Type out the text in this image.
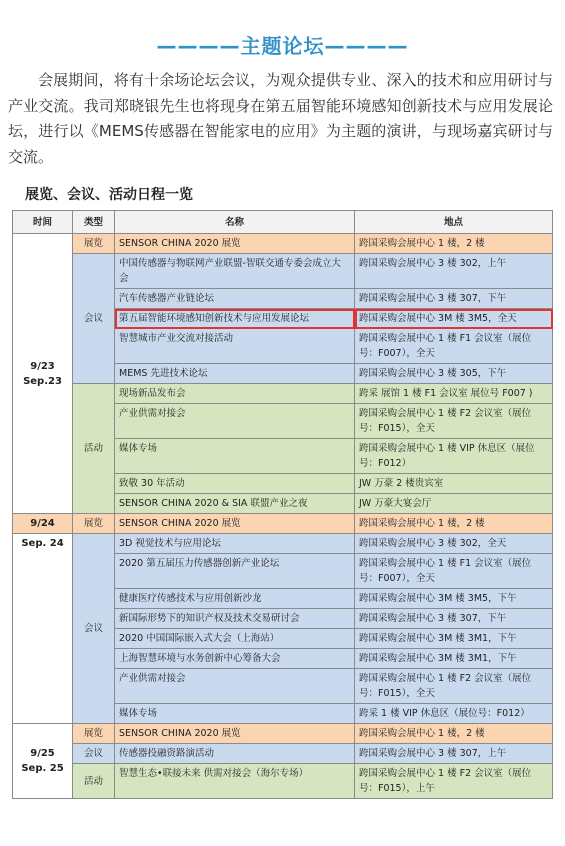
————主题论坛————
会展期间，将有十余场论坛会议，为观众提供专业、深入的技术和应用研讨与产业交流。我司郑晓银先生也将现身在第五届智能环境感知创新技术与应用发展论坛，进行以《MEMS传感器在智能家电的应用》为主题的演讲，与现场嘉宾研讨与交流。
展览、会议、活动日程一览
时间	类型	名称	地点
9/23
Sep.23	展览	SENSOR CHINA 2020 展览	跨国采购会展中心 1 楼，2 楼
	会议	中国传感器与物联网产业联盟-智联交通专委会成立大会	跨国采购会展中心 3 楼 302，上午
		汽车传感器产业链论坛	跨国采购会展中心 3 楼 307，下午
		第五届智能环境感知创新技术与应用发展论坛	跨国采购会展中心 3M 楼 3M5，全天
		智慧城市产业交流对接活动	跨国采购会展中心 1 楼 F1 会议室（展位号：F007），全天
		MEMS 先进技术论坛	跨国采购会展中心 3 楼 305，下午
	活动	现场新品发布会	跨采 展馆 1 楼 F1 会议室 展位号 F007 )
		产业供需对接会	跨国采购会展中心 1 楼 F2 会议室（展位号：F015），全天
		媒体专场	跨国采购会展中心 1 楼 VIP 休息区（展位号：F012）
		致敬 30 年活动	JW 万豪 2 楼贵宾室
		SENSOR CHINA 2020 & SIA 联盟产业之夜	JW 万豪大宴会厅
9/24	展览	SENSOR CHINA 2020 展览	跨国采购会展中心 1 楼，2 楼
Sep. 24	会议	3D 视觉技术与应用论坛	跨国采购会展中心 3 楼 302，全天
		2020 第五届压力传感器创新产业论坛	跨国采购会展中心 1 楼 F1 会议室（展位号：F007），全天
		健康医疗传感技术与应用创新沙龙	跨国采购会展中心 3M 楼 3M5，下午
		新国际形势下的知识产权及技术交易研讨会	跨国采购会展中心 3 楼 307，下午
		2020 中国国际嵌入式大会（上海站）	跨国采购会展中心 3M 楼 3M1，下午
		上海智慧环境与水务创新中心筹备大会	跨国采购会展中心 3M 楼 3M1，下午
		产业供需对接会	跨国采购会展中心 1 楼 F2 会议室（展位号：F015），全天
		媒体专场	跨采 1 楼 VIP 休息区（展位号：F012）
9/25
Sep. 25	展览	SENSOR CHINA 2020 展览	跨国采购会展中心 1 楼，2 楼
	会议	传感器投融资路演活动	跨国采购会展中心 3 楼 307，上午
	活动	智慧生态•联接未来 供需对接会（海尔专场）	跨国采购会展中心 1 楼 F2 会议室（展位号：F015），上午
